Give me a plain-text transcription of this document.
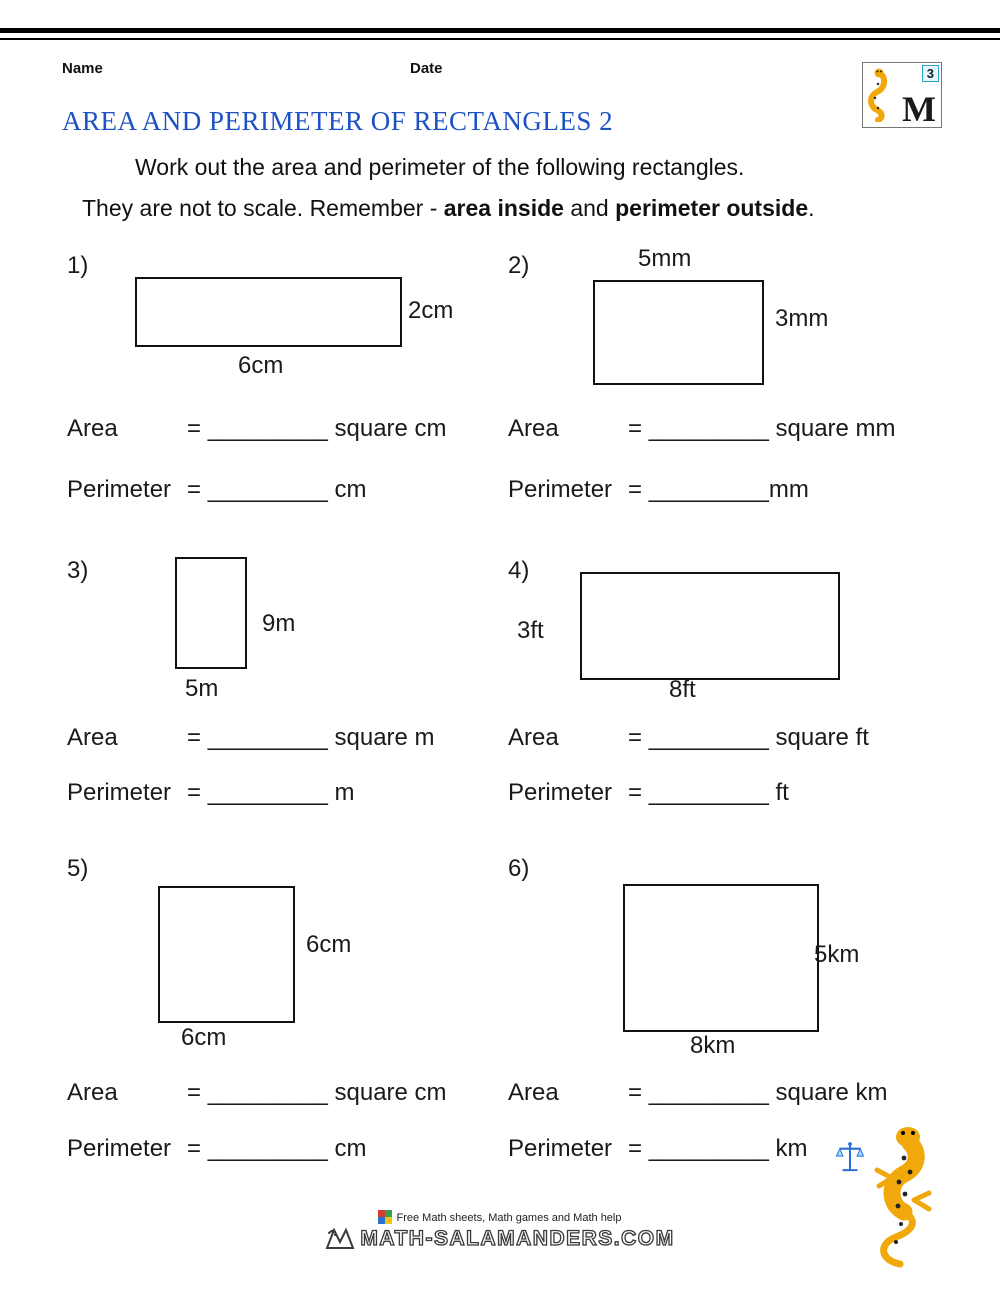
Name	Date
M
3
AREA AND PERIMETER OF RECTANGLES 2
Work out the area and perimeter of the following rectangles.
They are not to scale. Remember - area inside and perimeter outside.
1)
2cm
6cm
Area	= _________ square cm
Perimeter = _________ cm
2)	5mm
3mm
Area	= _________ square mm
Perimeter = _________mm
3)
9m
5m
Area	= _________ square m
Perimeter = _________ m
4)
3ft
8ft
Area	= _________ square ft
Perimeter = _________ ft
5)
6cm
6cm
Area	= _________ square cm
Perimeter = _________ cm
6)
5km
8km
Area	= _________ square km
Perimeter = _________ km
Free Math sheets, Math games and Math help
MATH-SALAMANDERS.COM
